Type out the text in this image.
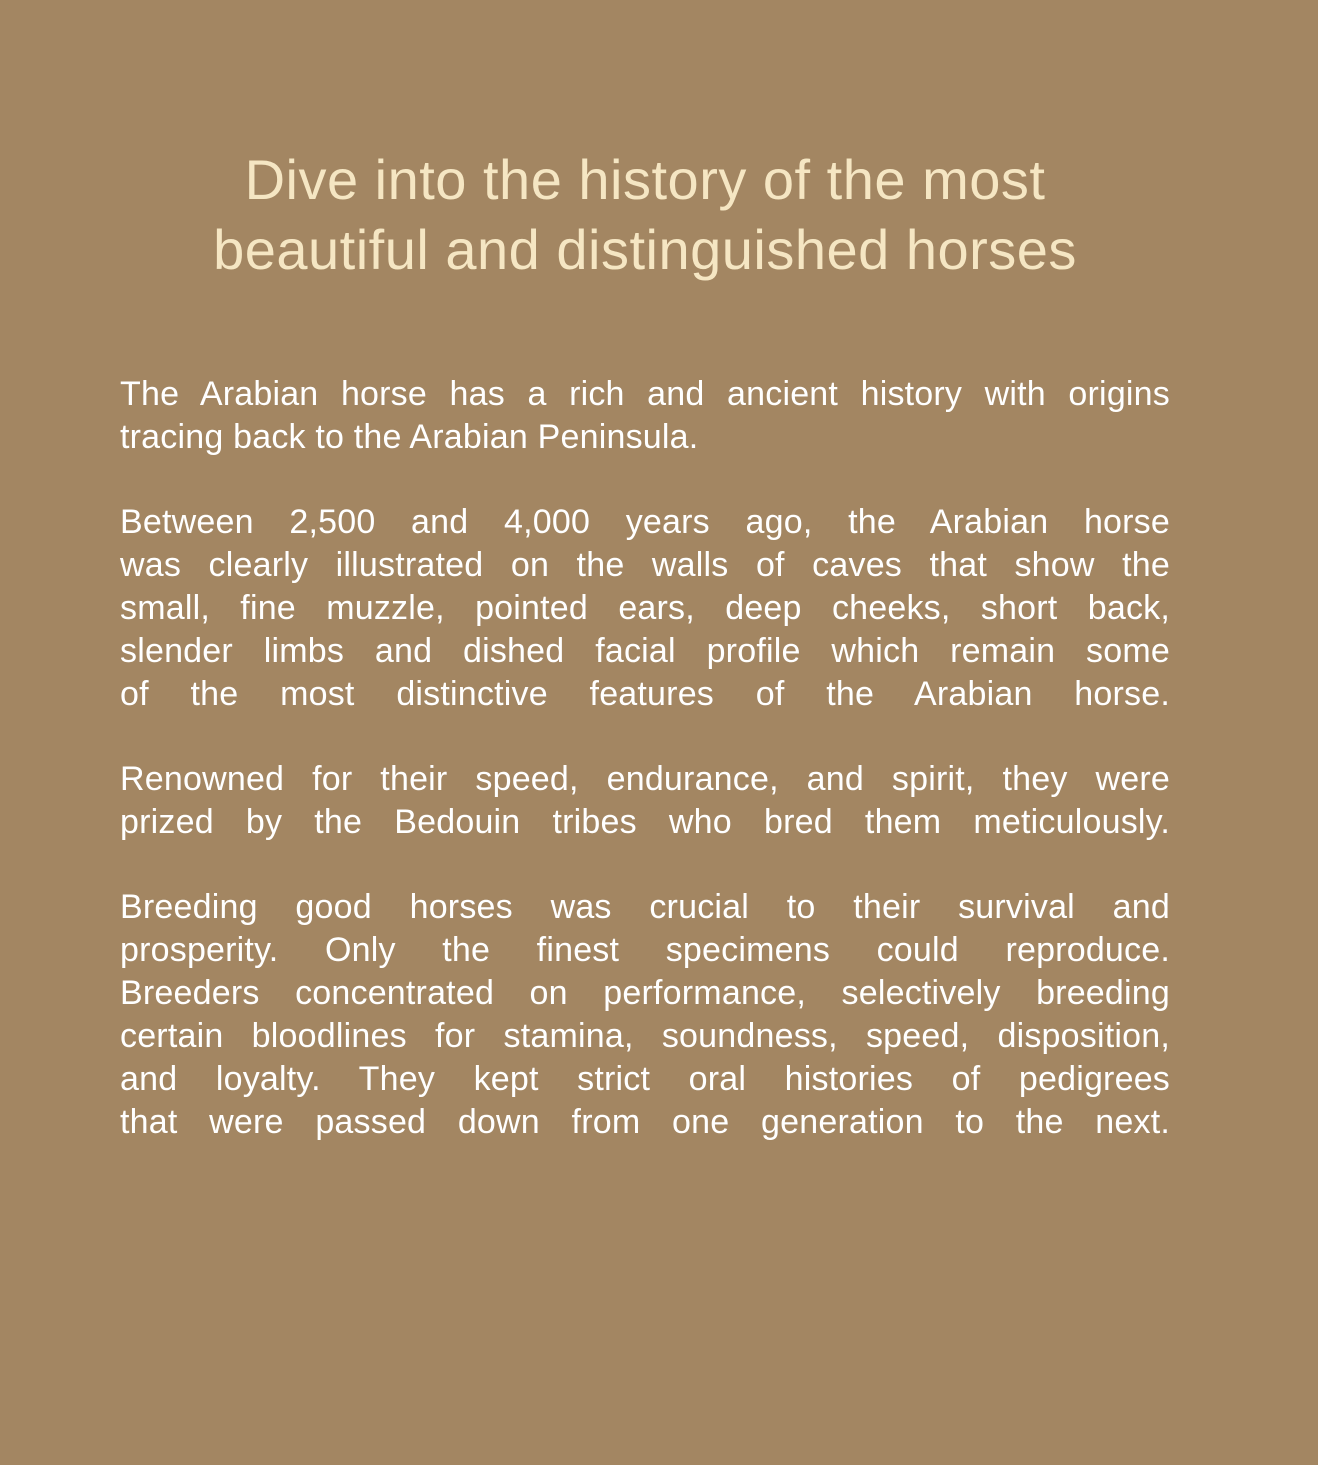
Dive into the history of the most
beautiful and distinguished horses

The Arabian horse has a rich and ancient history with origins
tracing back to the Arabian Peninsula.

Between 2,500 and 4,000 years ago, the Arabian horse
was clearly illustrated on the walls of caves that show the
small, fine muzzle, pointed ears, deep cheeks, short back,
slender limbs and dished facial profile which remain some
of the most distinctive features of the Arabian horse.

Renowned for their speed, endurance, and spirit, they were
prized by the Bedouin tribes who bred them meticulously.

Breeding good horses was crucial to their survival and
prosperity. Only the finest specimens could reproduce.
Breeders concentrated on performance, selectively breeding
certain bloodlines for stamina, soundness, speed, disposition,
and loyalty. They kept strict oral histories of pedigrees
that were passed down from one generation to the next.
